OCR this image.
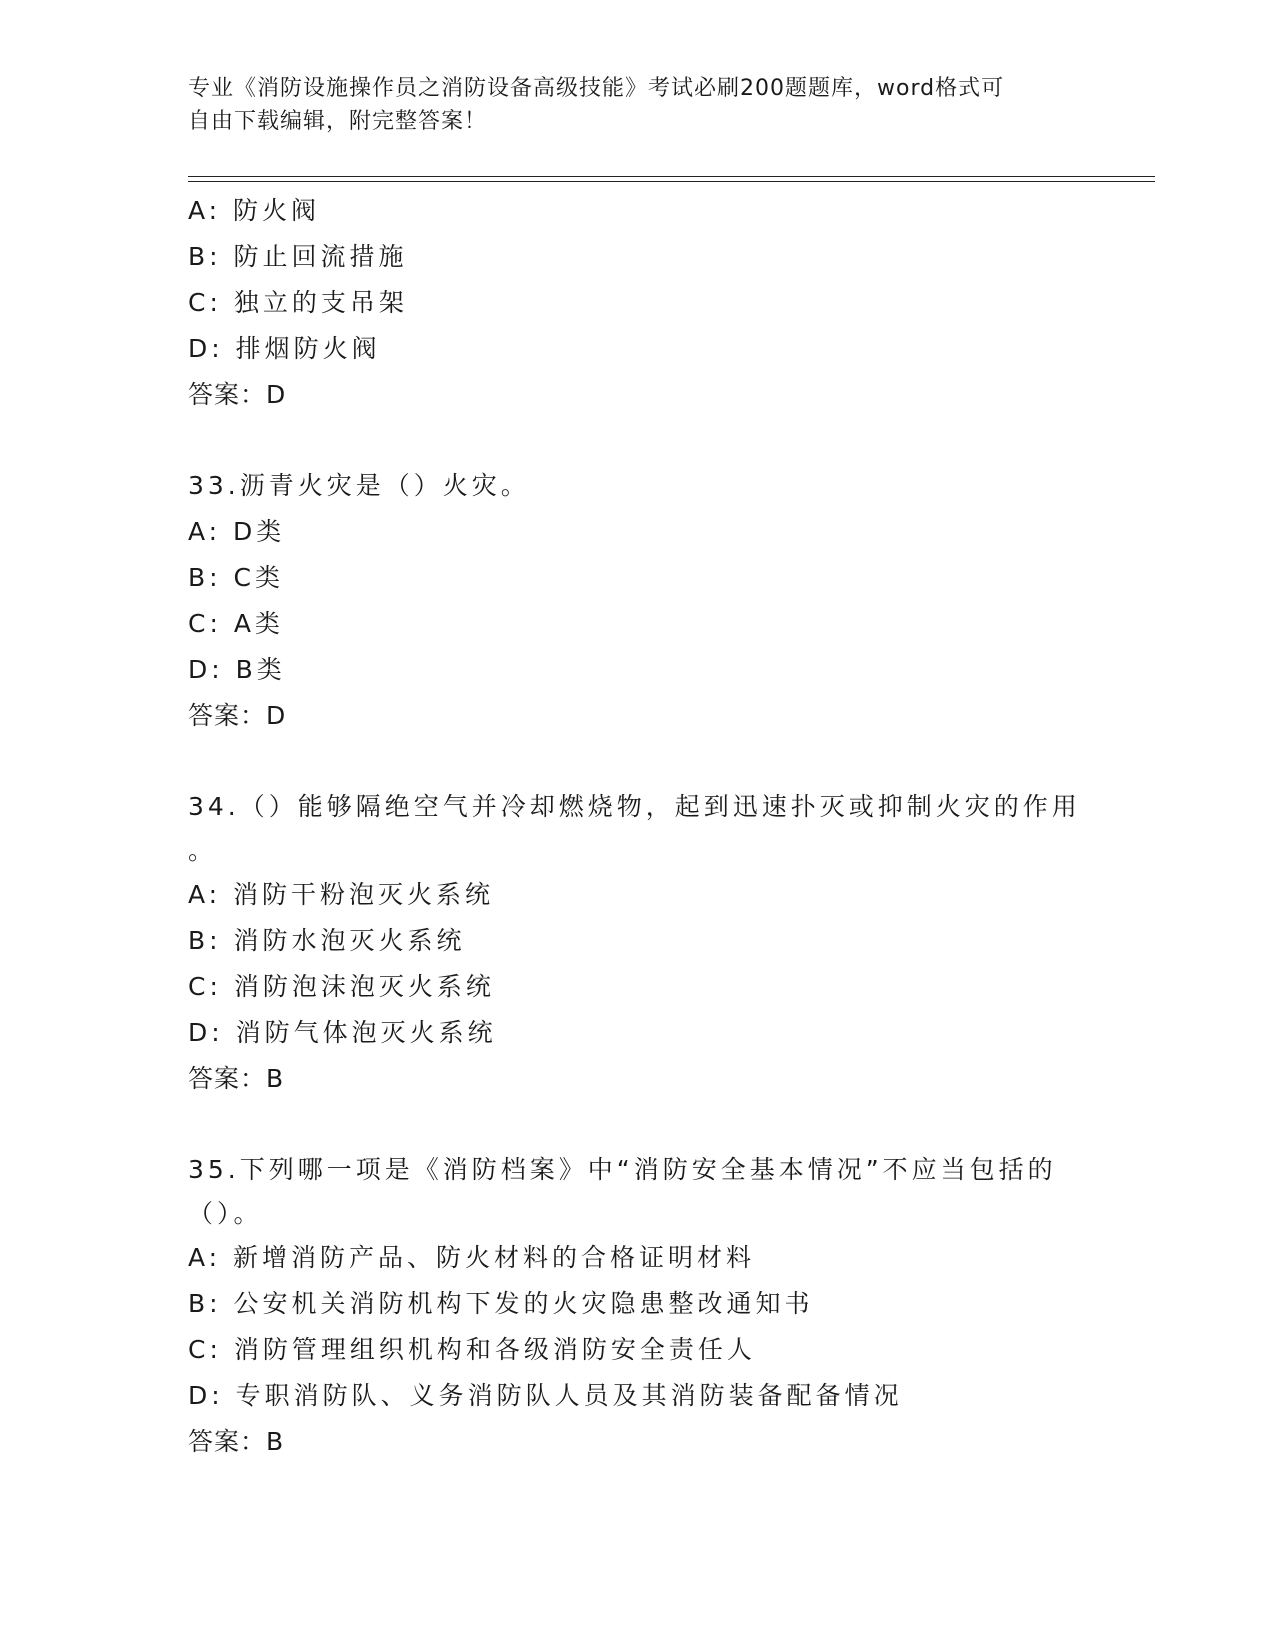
专业《消防设施操作员之消防设备高级技能》考试必刷200题题库，word格式可
自由下载编辑，附完整答案！
A: 防火阀
B: 防止回流措施
C: 独立的支吊架
D: 排烟防火阀
答案：D
33.沥青火灾是（）火灾。
A: D类
B: C类
C: A类
D: B类
答案：D
34.（）能够隔绝空气并冷却燃烧物，起到迅速扑灭或抑制火灾的作用
。
A: 消防干粉泡灭火系统
B: 消防水泡灭火系统
C: 消防泡沫泡灭火系统
D: 消防气体泡灭火系统
答案：B
35.下列哪一项是《消防档案》中“消防安全基本情况”不应当包括的
（）。
A: 新增消防产品、防火材料的合格证明材料
B: 公安机关消防机构下发的火灾隐患整改通知书
C: 消防管理组织机构和各级消防安全责任人
D: 专职消防队、义务消防队人员及其消防装备配备情况
答案：B
